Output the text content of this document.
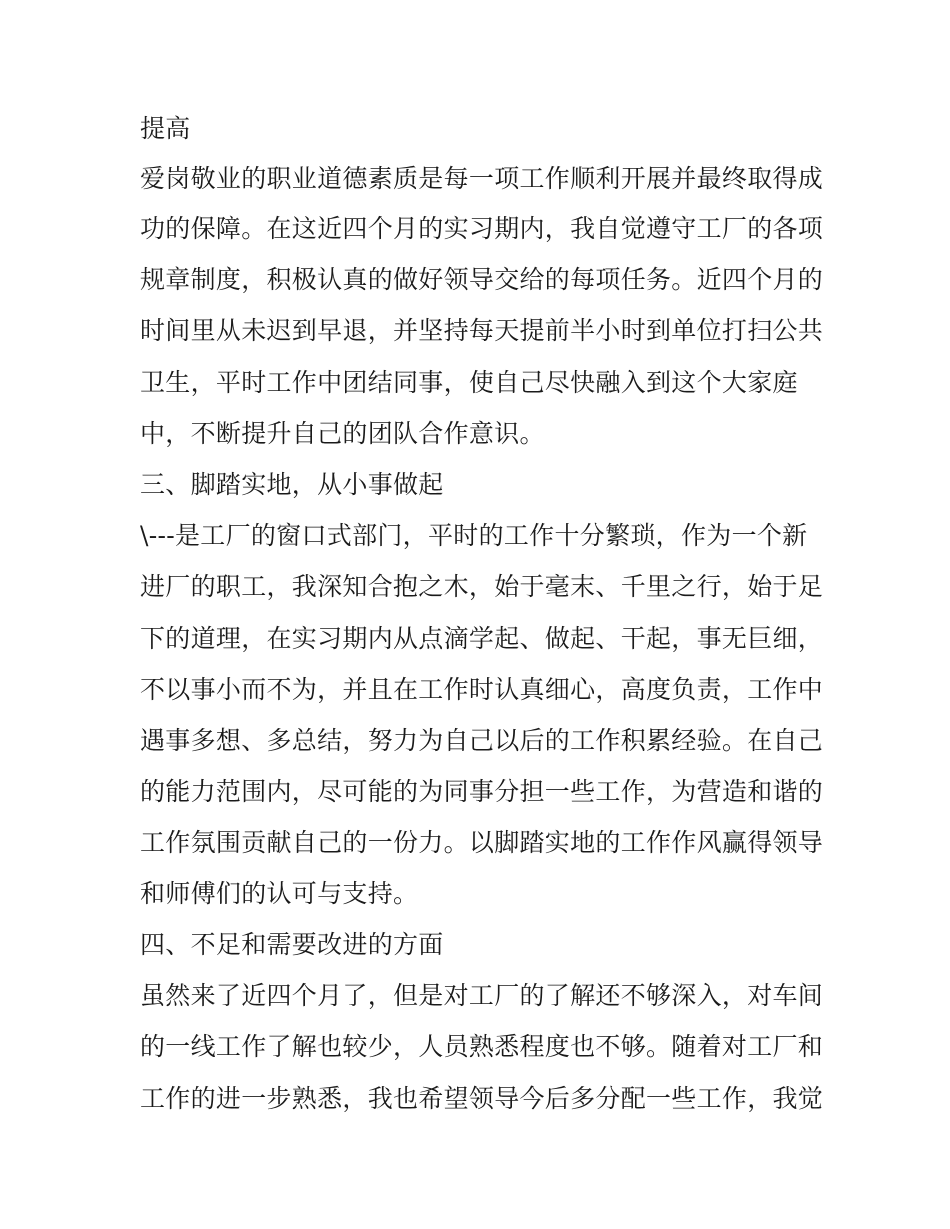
提高

爱岗敬业的职业道德素质是每一项工作顺利开展并最终取得成

功的保障。在这近四个月的实习期内，我自觉遵守工厂的各项

规章制度，积极认真的做好领导交给的每项任务。近四个月的

时间里从未迟到早退，并坚持每天提前半小时到单位打扫公共

卫生，平时工作中团结同事，使自己尽快融入到这个大家庭

中，不断提升自己的团队合作意识。

三、脚踏实地，从小事做起

\---是工厂的窗口式部门，平时的工作十分繁琐，作为一个新

进厂的职工，我深知合抱之木，始于毫末、千里之行，始于足

下的道理，在实习期内从点滴学起、做起、干起，事无巨细，

不以事小而不为，并且在工作时认真细心，高度负责，工作中

遇事多想、多总结，努力为自己以后的工作积累经验。在自己

的能力范围内，尽可能的为同事分担一些工作，为营造和谐的

工作氛围贡献自己的一份力。以脚踏实地的工作作风赢得领导

和师傅们的认可与支持。

四、不足和需要改进的方面

虽然来了近四个月了，但是对工厂的了解还不够深入，对车间

的一线工作了解也较少，人员熟悉程度也不够。随着对工厂和

工作的进一步熟悉，我也希望领导今后多分配一些工作，我觉
